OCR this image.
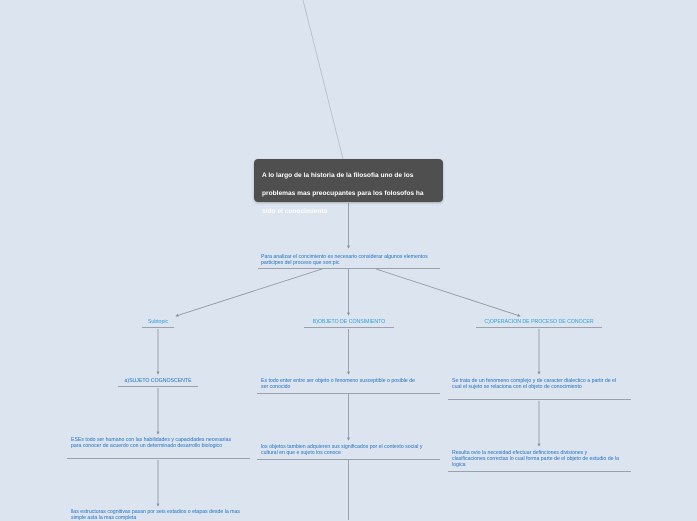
A lo largo de la historia de la filosofia uno de los problemas mas preocupantes para los folosofos ha sido el conocimiento
Para analizar el concimiento es necesario considerar algunos elementos participes del proceso que son:pic
Subtopic	B)OBJETO DE CONSIMIENTO	C)OPERACION DE PROCESO DE CONOCER
a)SUJETO COGNOSCENTE
ESEs todo ser humano con las habilidades y capacidades necesarias para conocer de acuerdo con un determinado desarrollo biologico
llas estructuras cognitivas pasan por seis estadios o etapas desde la mas simple asta la mas completa
Es todo enter entre ser objeto o fenomeno susceptible o posible de ser conocido
los objetos tambien adquieren sus significados por el contexto social y cultural en que e sujeto los conoce
Se trata de un fenomeno complejo y de caracter dialectico a partir de el cual el sujeto se relaciona con el objeto de conocimiento
Resulta ovio la necesidad efectuar definciones divisiones y clasificaciones correctas lo cual forma parte de el objeto de estudio de la logica
